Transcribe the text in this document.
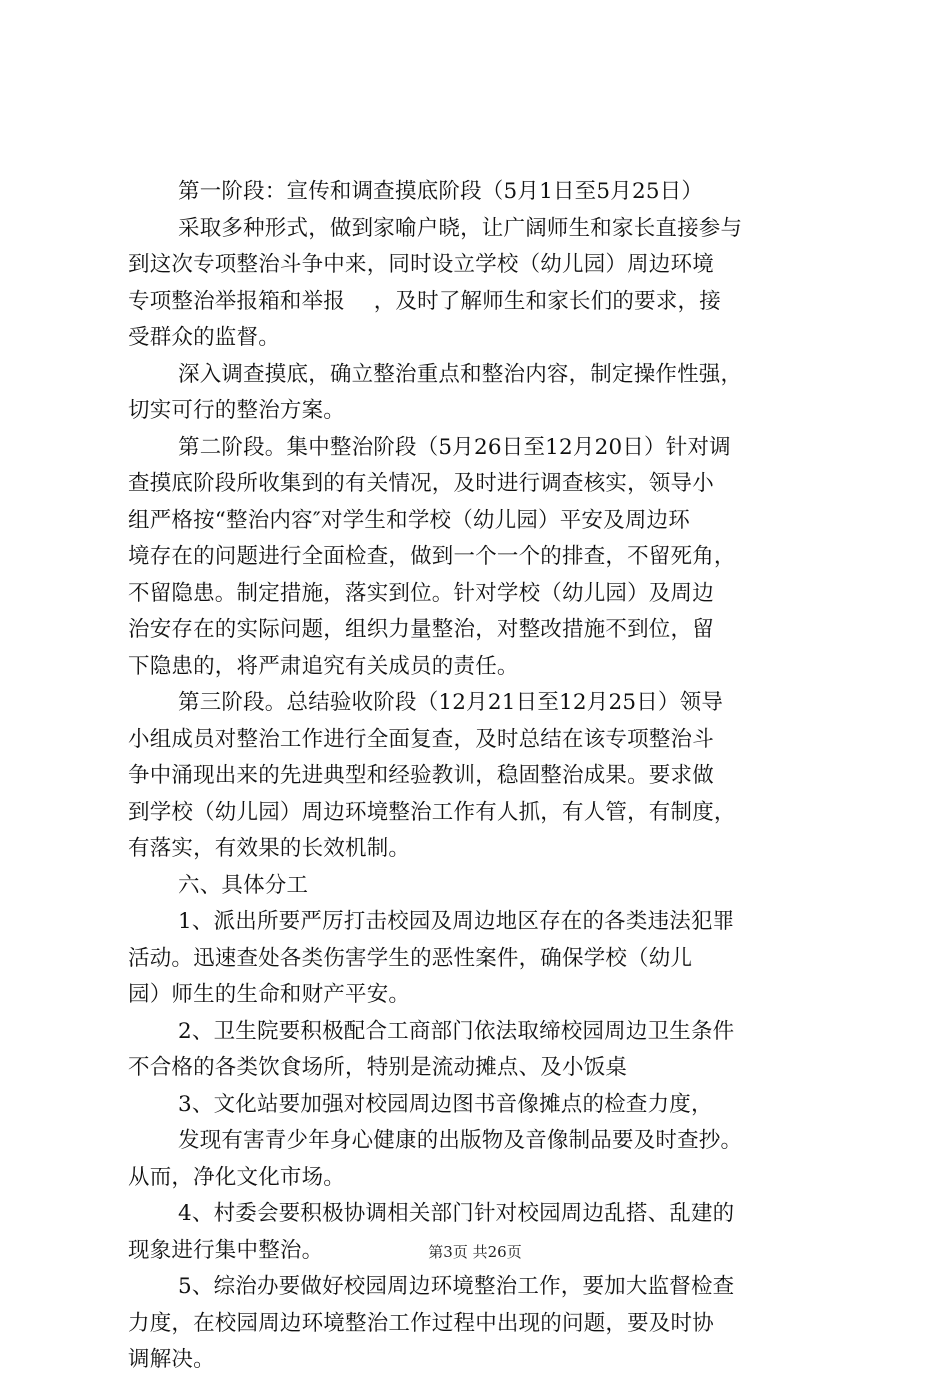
第一阶段：宣传和调查摸底阶段（5月1日至5月25日）
采取多种形式，做到家喻户晓，让广阔师生和家长直接参与
到这次专项整治斗争中来，同时设立学校（幼儿园）周边环境
专项整治举报箱和举报　 ，及时了解师生和家长们的要求，接
受群众的监督。
深入调查摸底，确立整治重点和整治内容，制定操作性强，
切实可行的整治方案。
第二阶段。集中整治阶段（5月26日至12月20日）针对调
查摸底阶段所收集到的有关情况，及时进行调查核实，领导小
组严格按“整治内容″对学生和学校（幼儿园）平安及周边环
境存在的问题进行全面检查，做到一个一个的排查，不留死角，
不留隐患。制定措施，落实到位。针对学校（幼儿园）及周边
治安存在的实际问题，组织力量整治，对整改措施不到位，留
下隐患的，将严肃追究有关成员的责任。
第三阶段。总结验收阶段（12月21日至12月25日）领导
小组成员对整治工作进行全面复查，及时总结在该专项整治斗
争中涌现出来的先进典型和经验教训，稳固整治成果。要求做
到学校（幼儿园）周边环境整治工作有人抓，有人管，有制度，
有落实，有效果的长效机制。
六、具体分工
1、派出所要严厉打击校园及周边地区存在的各类违法犯罪
活动。迅速查处各类伤害学生的恶性案件，确保学校（幼儿
园）师生的生命和财产平安。
2、卫生院要积极配合工商部门依法取缔校园周边卫生条件
不合格的各类饮食场所，特别是流动摊点、及小饭桌
3、文化站要加强对校园周边图书音像摊点的检查力度，
发现有害青少年身心健康的出版物及音像制品要及时查抄。
从而，净化文化市场。
4、村委会要积极协调相关部门针对校园周边乱搭、乱建的
现象进行集中整治。
5、综治办要做好校园周边环境整治工作，要加大监督检查
力度，在校园周边环境整治工作过程中出现的问题，要及时协
调解决。
第3页 共26页
